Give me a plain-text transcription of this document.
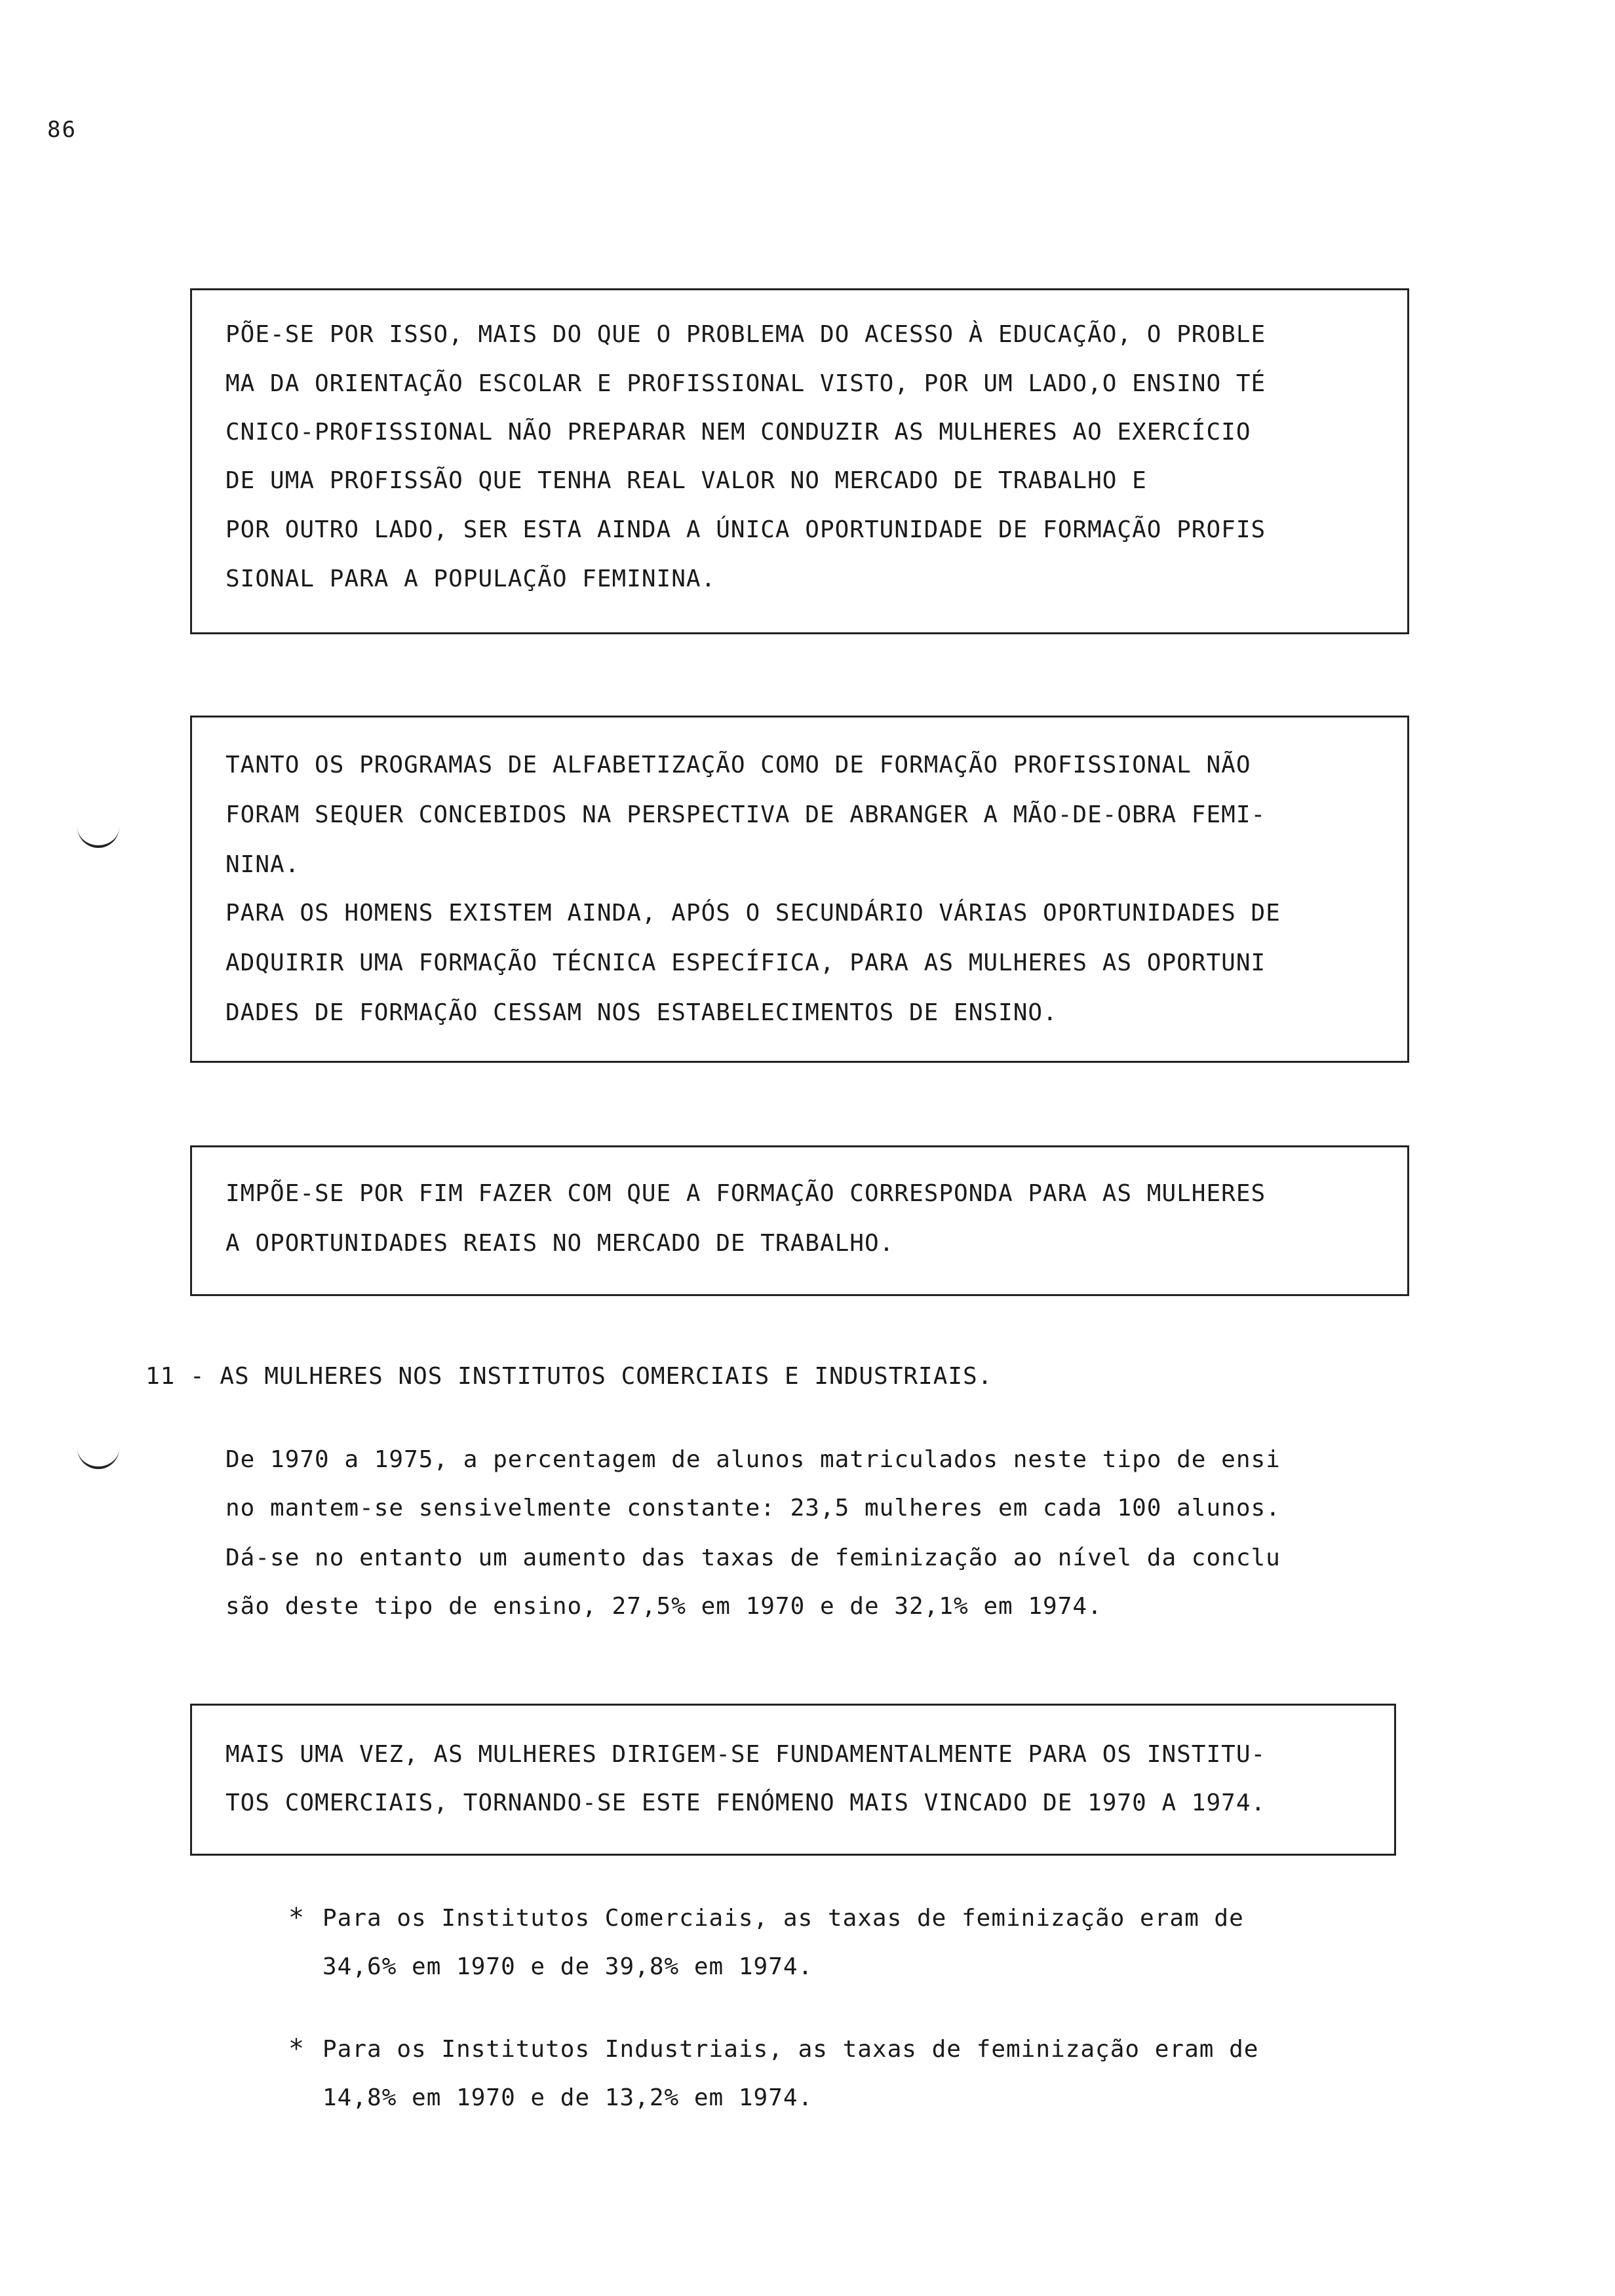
86
PÕE-SE POR ISSO, MAIS DO QUE O PROBLEMA DO ACESSO À EDUCAÇÃO, O PROBLE
MA DA ORIENTAÇÃO ESCOLAR E PROFISSIONAL VISTO, POR UM LADO,O ENSINO TÉ
CNICO-PROFISSIONAL NÃO PREPARAR NEM CONDUZIR AS MULHERES AO EXERCÍCIO
DE UMA PROFISSÃO QUE TENHA REAL VALOR NO MERCADO DE TRABALHO E
POR OUTRO LADO, SER ESTA AINDA A ÚNICA OPORTUNIDADE DE FORMAÇÃO PROFIS
SIONAL PARA A POPULAÇÃO FEMININA.
TANTO OS PROGRAMAS DE ALFABETIZAÇÃO COMO DE FORMAÇÃO PROFISSIONAL NÃO
FORAM SEQUER CONCEBIDOS NA PERSPECTIVA DE ABRANGER A MÃO-DE-OBRA FEMI-
NINA.
PARA OS HOMENS EXISTEM AINDA, APÓS O SECUNDÁRIO VÁRIAS OPORTUNIDADES DE
ADQUIRIR UMA FORMAÇÃO TÉCNICA ESPECÍFICA, PARA AS MULHERES AS OPORTUNI
DADES DE FORMAÇÃO CESSAM NOS ESTABELECIMENTOS DE ENSINO.
IMPÕE-SE POR FIM FAZER COM QUE A FORMAÇÃO CORRESPONDA PARA AS MULHERES
A OPORTUNIDADES REAIS NO MERCADO DE TRABALHO.
11 - AS MULHERES NOS INSTITUTOS COMERCIAIS E INDUSTRIAIS.
De 1970 a 1975, a percentagem de alunos matriculados neste tipo de ensi
no mantem-se sensivelmente constante: 23,5 mulheres em cada 100 alunos.
Dá-se no entanto um aumento das taxas de feminização ao nível da conclu
são deste tipo de ensino, 27,5% em 1970 e de 32,1% em 1974.
MAIS UMA VEZ, AS MULHERES DIRIGEM-SE FUNDAMENTALMENTE PARA OS INSTITU-
TOS COMERCIAIS, TORNANDO-SE ESTE FENÓMENO MAIS VINCADO DE 1970 A 1974.
* Para os Institutos Comerciais, as taxas de feminização eram de
34,6% em 1970 e de 39,8% em 1974.
* Para os Institutos Industriais, as taxas de feminização eram de
14,8% em 1970 e de 13,2% em 1974.
